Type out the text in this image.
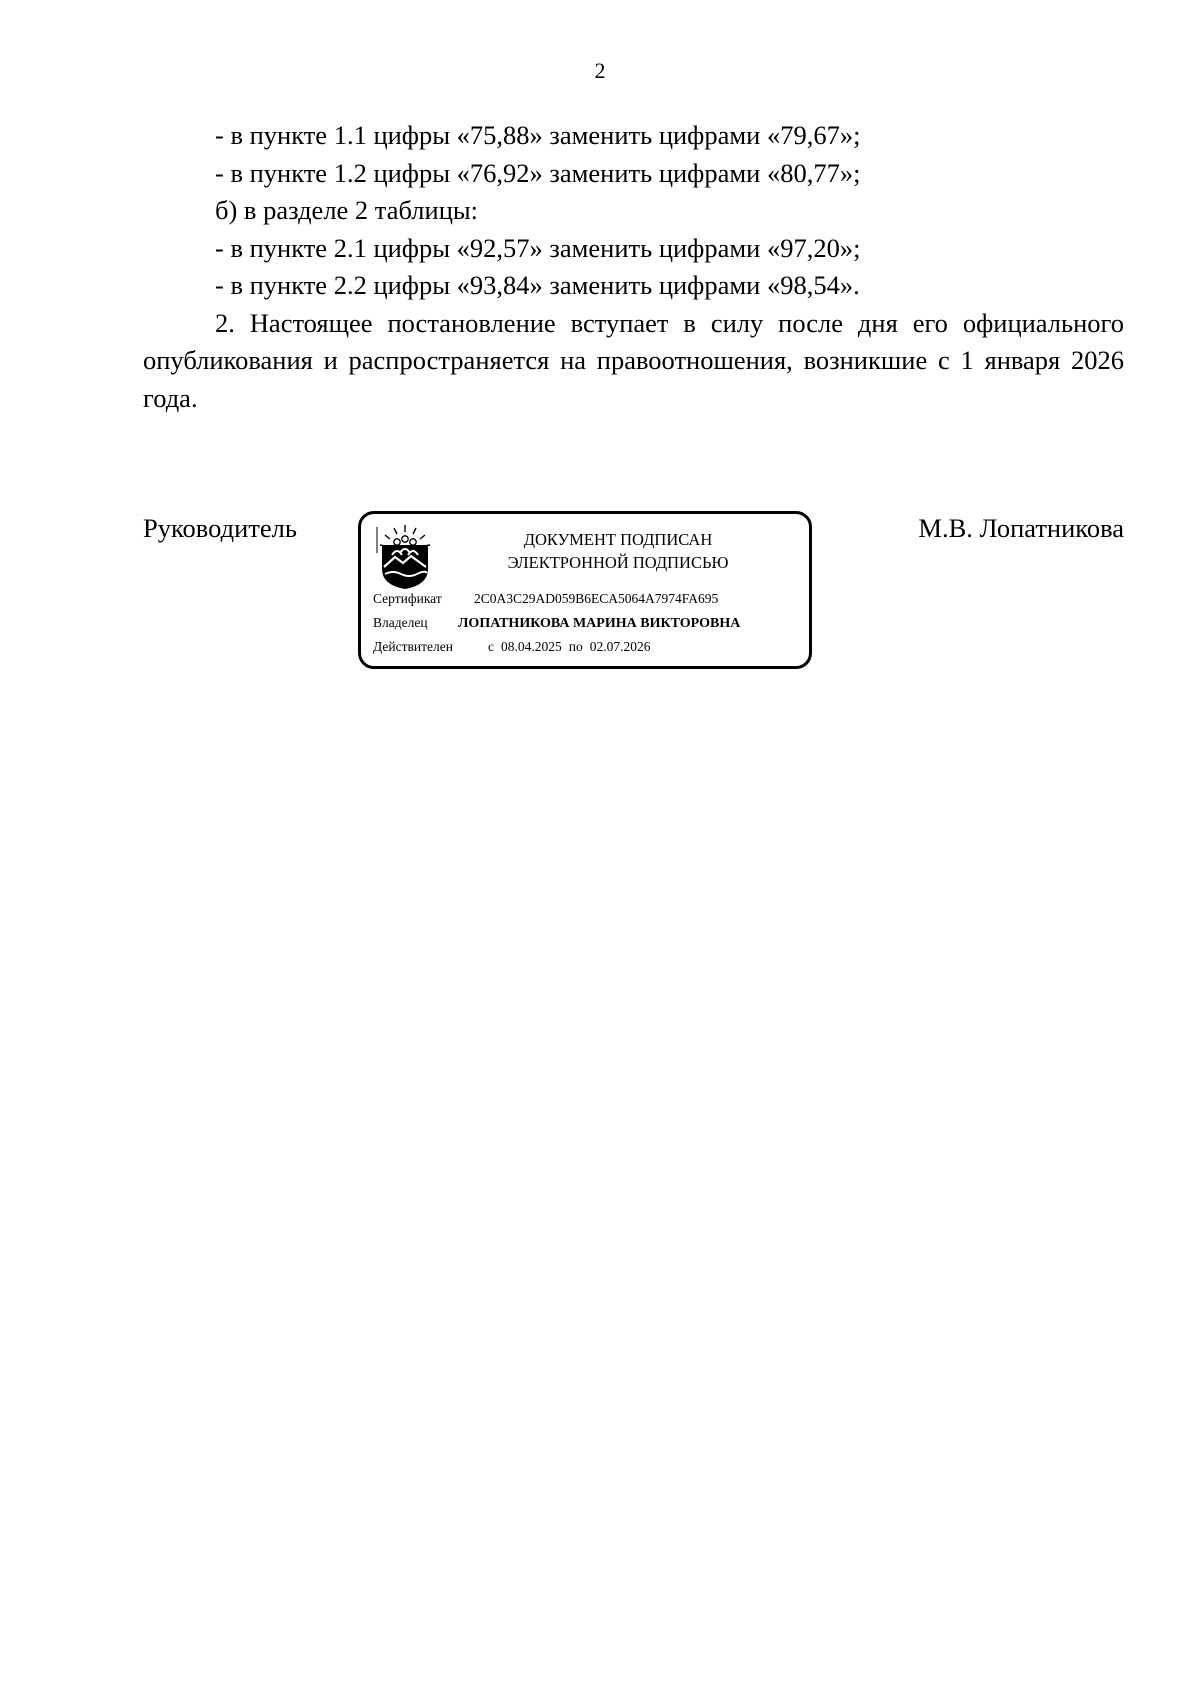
2
- в пункте 1.1 цифры «75,88» заменить цифрами «79,67»;
- в пункте 1.2 цифры «76,92» заменить цифрами «80,77»;
б) в разделе 2 таблицы:
- в пункте 2.1 цифры «92,57» заменить цифрами «97,20»;
- в пункте 2.2 цифры «93,84» заменить цифрами «98,54».
2. Настоящее постановление вступает в силу после дня его официального опубликования и распространяется на правоотношения, возникшие с 1 января 2026 года.
Руководитель	ДОКУМЕНТ ПОДПИСАН
ЭЛЕКТРОННОЙ ПОДПИСЬЮ
Сертификат 2C0A3C29AD059B6ECA5064A7974FA695
Владелец ЛОПАТНИКОВА МАРИНА ВИКТОРОВНА
Действителен	с 08.04.2025 по 02.07.2026
М.В. Лопатникова
